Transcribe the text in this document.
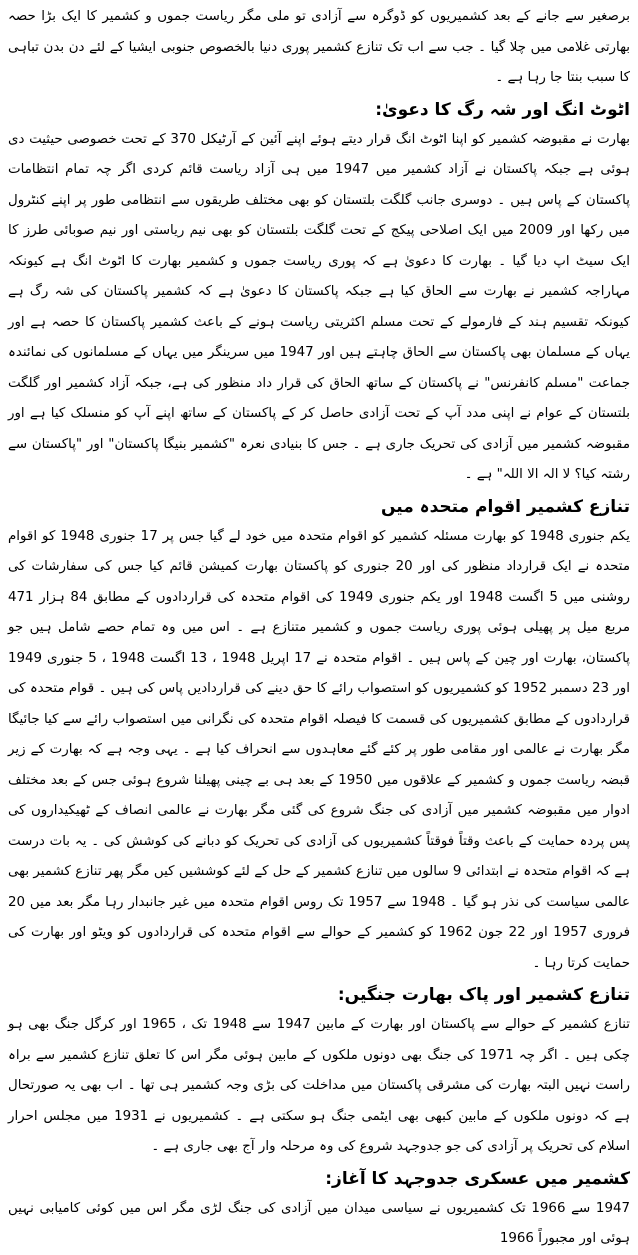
برصغیر سے جانے کے بعد کشمیریوں کو ڈوگرہ سے آزادی تو ملی مگر ریاست جموں و کشمیر کا ایک بڑا حصہ بھارتی غلامی میں چلا گیا ۔ جب سے اب تک تنازع کشمیر پوری دنیا بالخصوص جنوبی ایشیا کے لئے دن بدن تباہی کا سبب بنتا جا رہا ہے ۔

اٹوٹ انگ اور شہ رگ کا دعویٰ:

بھارت نے مقبوضہ کشمیر کو اپنا اٹوٹ انگ قرار دیتے ہوئے اپنے آئین کے آرٹیکل 370 کے تحت خصوصی حیثیت دی ہوئی ہے جبکہ پاکستان نے آزاد کشمیر میں 1947 میں ہی آزاد ریاست قائم کردی اگر چہ تمام انتظامات پاکستان کے پاس ہیں ۔ دوسری جانب گلگت بلتستان کو بھی مختلف طریقوں سے انتظامی طور پر اپنے کنٹرول میں رکھا اور 2009 میں ایک اصلاحی پیکج کے تحت گلگت بلتستان کو بھی نیم ریاستی اور نیم صوبائی طرز کا ایک سیٹ اپ دیا گیا ۔ بھارت کا دعویٰ ہے کہ پوری ریاست جموں و کشمیر بھارت کا اٹوٹ انگ ہے کیونکہ مہاراجہ کشمیر نے بھارت سے الحاق کیا ہے جبکہ پاکستان کا دعویٰ ہے کہ کشمیر پاکستان کی شہ رگ ہے کیونکہ تقسیم ہند کے فارمولے کے تحت مسلم اکثریتی ریاست ہونے کے باعث کشمیر پاکستان کا حصہ ہے اور یہاں کے مسلمان بھی پاکستان سے الحاق چاہتے ہیں اور 1947 میں سرینگر میں یہاں کے مسلمانوں کی نمائندہ جماعت "مسلم کانفرنس" نے پاکستان کے ساتھ الحاق کی قرار داد منظور کی ہے، جبکہ آزاد کشمیر اور گلگت بلتستان کے عوام نے اپنی مدد آپ کے تحت آزادی حاصل کر کے پاکستان کے ساتھ اپنے آپ کو منسلک کیا ہے اور مقبوضہ کشمیر میں آزادی کی تحریک جاری ہے ۔ جس کا بنیادی نعرہ "کشمیر بنیگا پاکستان" اور "پاکستان سے رشتہ کیا؟ لا الہ الا اللہ" ہے ۔

تنازع کشمیر اقوام متحدہ میں

یکم جنوری 1948 کو بھارت مسئلہ کشمیر کو اقوام متحدہ میں خود لے گیا جس پر 17 جنوری 1948 کو اقوام متحدہ نے ایک قرارداد منظور کی اور 20 جنوری کو پاکستان بھارت کمیشن قائم کیا جس کی سفارشات کی روشنی میں 5 اگست 1948 اور یکم جنوری 1949 کی اقوام متحدہ کی قراردادوں کے مطابق 84 ہزار 471 مربع میل پر پھیلی ہوئی پوری ریاست جموں و کشمیر متنازع ہے ۔ اس میں وہ تمام حصے شامل ہیں جو پاکستان، بھارت اور چین کے پاس ہیں ۔ اقوام متحدہ نے 17 اپریل 1948 ، 13 اگست 1948 ، 5 جنوری 1949 اور 23 دسمبر 1952 کو کشمیریوں کو استصواب رائے کا حق دینے کی قراردادیں پاس کی ہیں ۔ قوام متحدہ کی قراردادوں کے مطابق کشمیریوں کی قسمت کا فیصلہ اقوام متحدہ کی نگرانی میں استصواب رائے سے کیا جائیگا مگر بھارت نے عالمی اور مقامی طور پر کئے گئے معاہدوں سے انحراف کیا ہے ۔ یہی وجہ ہے کہ بھارت کے زیر قبضہ ریاست جموں و کشمیر کے علاقوں میں 1950 کے بعد ہی بے چینی پھیلنا شروع ہوئی جس کے بعد مختلف ادوار میں مقبوضہ کشمیر میں آزادی کی جنگ شروع کی گئی مگر بھارت نے عالمی انصاف کے ٹھیکیداروں کی پس پردہ حمایت کے باعث وقتاً فوقتاً کشمیریوں کی آزادی کی تحریک کو دبانے کی کوشش کی ۔ یہ بات درست ہے کہ اقوام متحدہ نے ابتدائی 9 سالوں میں تنازع کشمیر کے حل کے لئے کوششیں کیں مگر پھر تنازع کشمیر بھی عالمی سیاست کی نذر ہو گیا ۔ 1948 سے 1957 تک روس اقوام متحدہ میں غیر جانبدار رہا مگر بعد میں 20 فروری 1957 اور 22 جون 1962 کو کشمیر کے حوالے سے اقوام متحدہ کی قراردادوں کو ویٹو اور بھارت کی حمایت کرتا رہا ۔

تنازع کشمیر اور پاک بھارت جنگیں:

تنازع کشمیر کے حوالے سے پاکستان اور بھارت کے مابین 1947 سے 1948 تک ، 1965 اور کرگل جنگ بھی ہو چکی ہیں ۔ اگر چہ 1971 کی جنگ بھی دونوں ملکوں کے مابین ہوئی مگر اس کا تعلق تنازع کشمیر سے براہ راست نہیں البتہ بھارت کی مشرقی پاکستان میں مداخلت کی بڑی وجہ کشمیر ہی تھا ۔ اب بھی یہ صورتحال ہے کہ دونوں ملکوں کے مابین کبھی بھی ایٹمی جنگ ہو سکتی ہے ۔ کشمیریوں نے 1931 میں مجلس احرار اسلام کی تحریک پر آزادی کی جو جدوجہد شروع کی وہ مرحلہ وار آج بھی جاری ہے ۔

کشمیر میں عسکری جدوجہد کا آغاز:

1947 سے 1966 تک کشمیریوں نے سیاسی میدان میں آزادی کی جنگ لڑی مگر اس میں کوئی کامیابی نہیں ہوئی اور مجبوراً 1966
